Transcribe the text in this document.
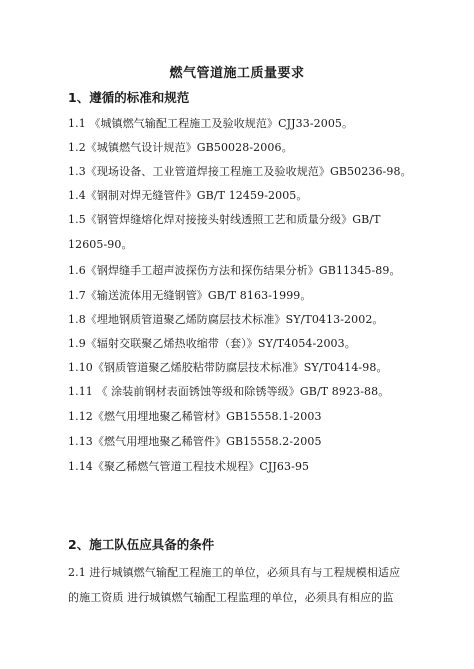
燃气管道施工质量要求
1、遵循的标准和规范
1.1 《城镇燃气输配工程施工及验收规范》CJJ33-2005。
1.2《城镇燃气设计规范》GB50028-2006。
1.3《现场设备、工业管道焊接工程施工及验收规范》GB50236-98。
1.4《钢制对焊无缝管件》GB/T 12459-2005。
1.5《钢管焊缝熔化焊对接接头射线透照工艺和质量分级》GB/T
12605-90。
1.6《钢焊缝手工超声波探伤方法和探伤结果分析》GB11345-89。
1.7《输送流体用无缝钢管》GB/T 8163-1999。
1.8《埋地钢质管道聚乙烯防腐层技术标准》SY/T0413-2002。
1.9《辐射交联聚乙烯热收缩带（套）》SY/T4054-2003。
1.10《钢质管道聚乙烯胶粘带防腐层技术标准》SY/T0414-98。
1.11 《 涂装前钢材表面锈蚀等级和除锈等级》GB/T 8923-88。
1.12《燃气用埋地聚乙稀管材》GB15558.1-2003
1.13《燃气用埋地聚乙稀管件》GB15558.2-2005
1.14《聚乙稀燃气管道工程技术规程》CJJ63-95
2、施工队伍应具备的条件
2.1 进行城镇燃气输配工程施工的单位，必须具有与工程规模相适应
的施工资质 进行城镇燃气输配工程监理的单位，必须具有相应的监
